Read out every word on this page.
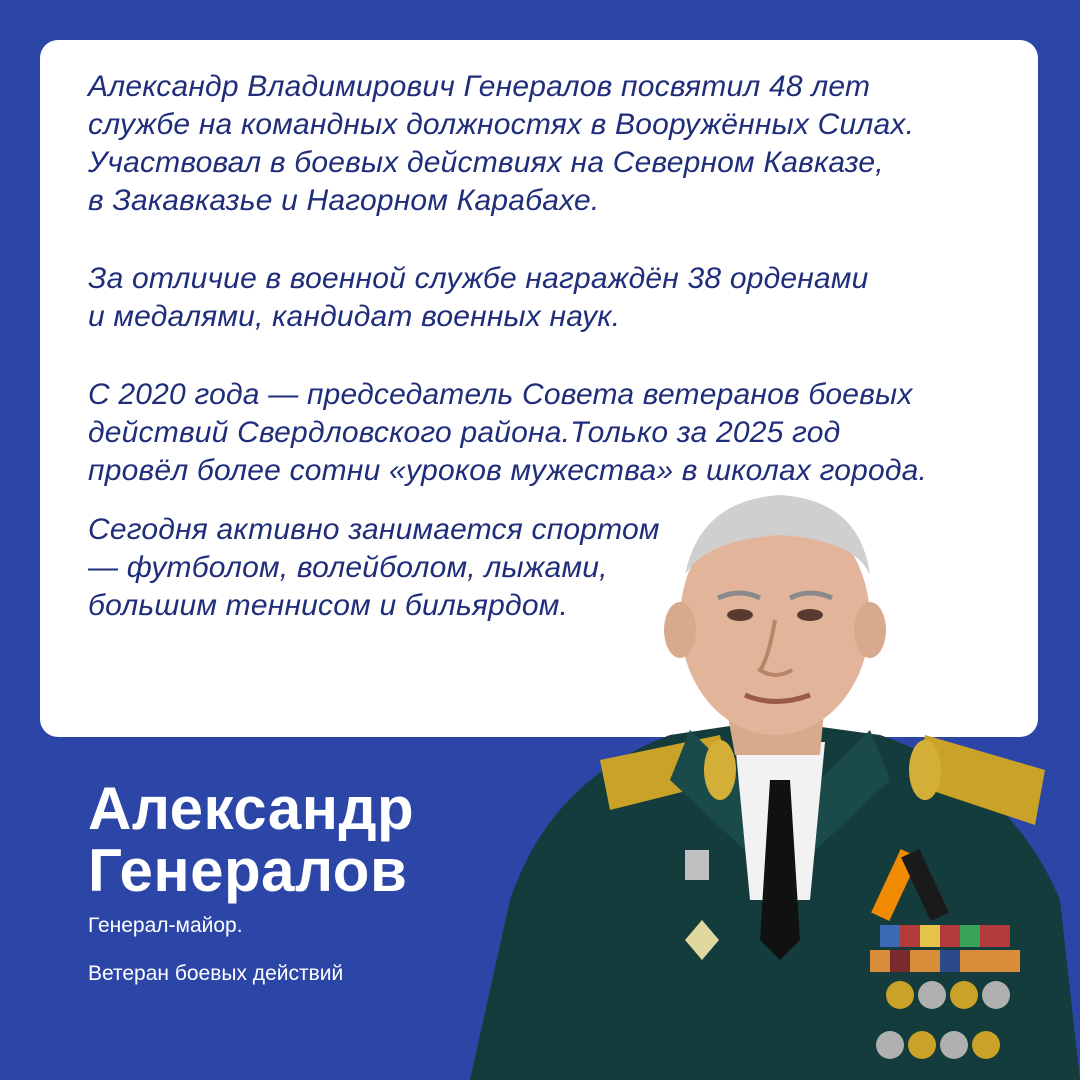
Александр Владимирович Генералов посвятил 48 лет
службе на командных должностях в Вооружённых Силах.
Участвовал в боевых действиях на Северном Кавказе,
в Закавказье и Нагорном Карабахе.

За отличие в военной службе награждён 38 орденами
и медалями, кандидат военных наук.

С 2020 года — председатель Совета ветеранов боевых
действий Свердловского района.Только за 2025 год
провёл более сотни «уроков мужества» в школах города.

Сегодня активно занимается спортом
— футболом, волейболом, лыжами,
большим теннисом и бильярдом.

Александр
Генералов

Генерал-майор.

Ветеран боевых действий
